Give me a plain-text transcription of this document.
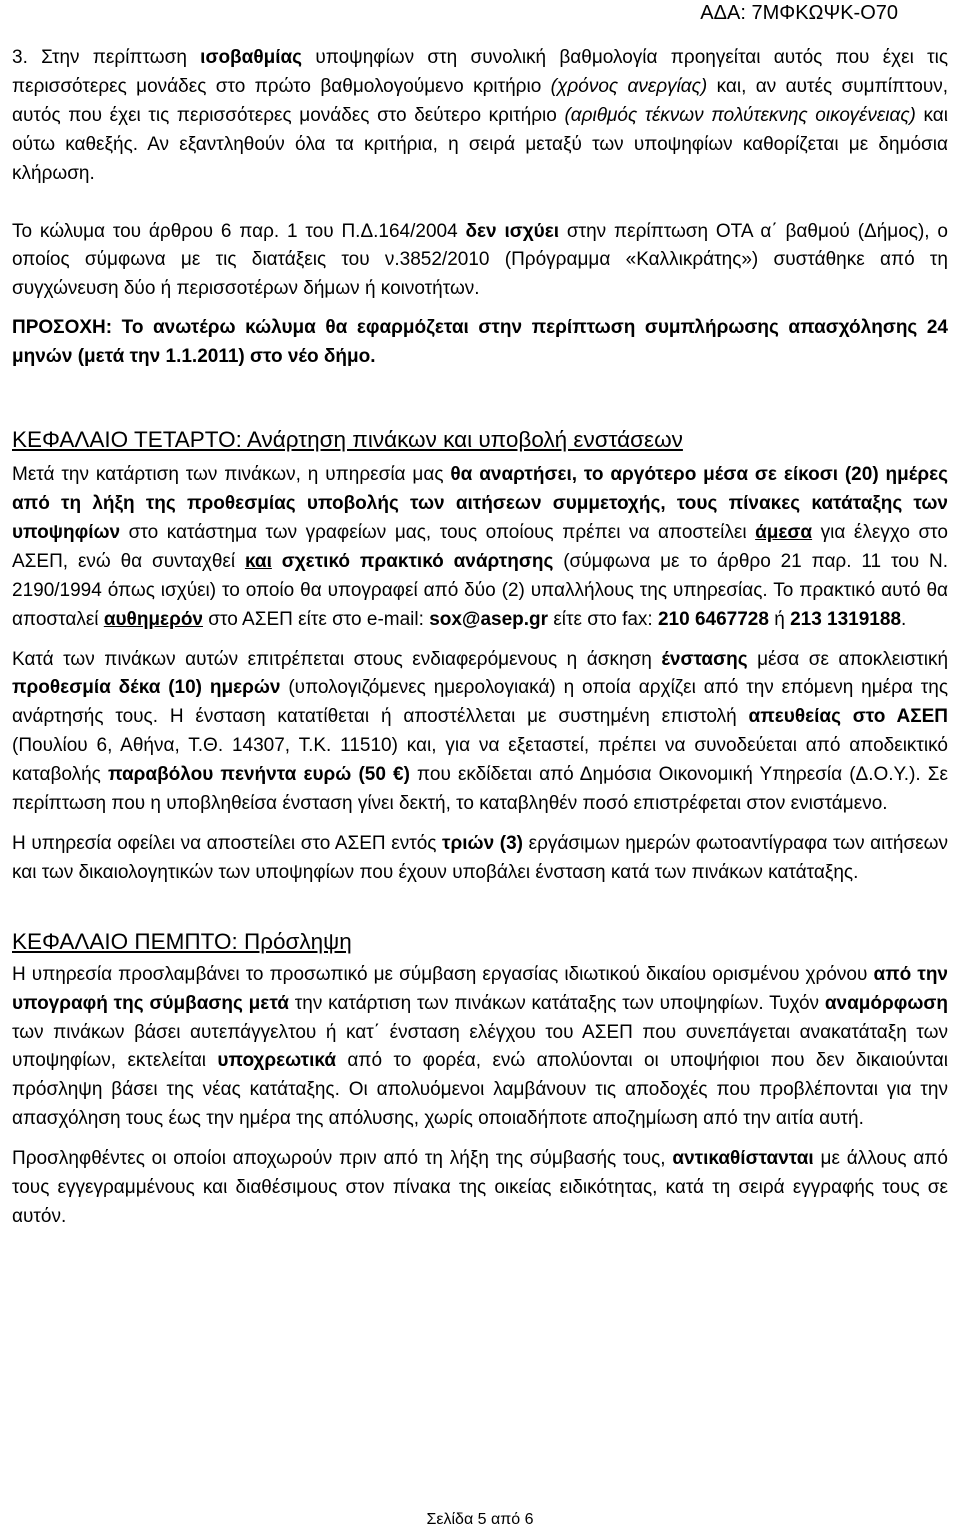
ΑΔΑ: 7ΜΦΚΩΨΚ-Ο70

3. Στην περίπτωση ισοβαθμίας υποψηφίων στη συνολική βαθμολογία προηγείται αυτός που έχει τις περισσότερες μονάδες στο πρώτο βαθμολογούμενο κριτήριο (χρόνος ανεργίας) και, αν αυτές συμπίπτουν, αυτός που έχει τις περισσότερες μονάδες στο δεύτερο κριτήριο (αριθμός τέκνων πολύτεκνης οικογένειας) και ούτω καθεξής. Αν εξαντληθούν όλα τα κριτήρια, η σειρά μεταξύ των υποψηφίων καθορίζεται με δημόσια κλήρωση.

Το κώλυμα του άρθρου 6 παρ. 1 του Π.Δ.164/2004 δεν ισχύει στην περίπτωση ΟΤΑ α΄ βαθμού (Δήμος), ο οποίος σύμφωνα με τις διατάξεις του ν.3852/2010 (Πρόγραμμα «Καλλικράτης») συστάθηκε από τη συγχώνευση δύο ή περισσοτέρων δήμων ή κοινοτήτων.

ΠΡΟΣΟΧΗ: Το ανωτέρω κώλυμα θα εφαρμόζεται στην περίπτωση συμπλήρωσης απασχόλησης 24 μηνών (μετά την 1.1.2011) στο νέο δήμο.

ΚΕΦΑΛΑΙΟ ΤΕΤΑΡΤΟ: Ανάρτηση πινάκων και υποβολή ενστάσεων

Μετά την κατάρτιση των πινάκων, η υπηρεσία μας θα αναρτήσει, το αργότερο μέσα σε είκοσι (20) ημέρες από τη λήξη της προθεσμίας υποβολής των αιτήσεων συμμετοχής, τους πίνακες κατάταξης των υποψηφίων στο κατάστημα των γραφείων μας, τους οποίους πρέπει να αποστείλει άμεσα για έλεγχο στο ΑΣΕΠ, ενώ θα συνταχθεί και σχετικό πρακτικό ανάρτησης (σύμφωνα με το άρθρο 21 παρ. 11 του Ν. 2190/1994 όπως ισχύει) το οποίο θα υπογραφεί από δύο (2) υπαλλήλους της υπηρεσίας. Το πρακτικό αυτό θα αποσταλεί αυθημερόν στο ΑΣΕΠ είτε στο e-mail: sox@asep.gr είτε στο fax: 210 6467728 ή 213 1319188.

Κατά των πινάκων αυτών επιτρέπεται στους ενδιαφερόμενους η άσκηση ένστασης μέσα σε αποκλειστική προθεσμία δέκα (10) ημερών (υπολογιζόμενες ημερολογιακά) η οποία αρχίζει από την επόμενη ημέρα της ανάρτησής τους. Η ένσταση κατατίθεται ή αποστέλλεται με συστημένη επιστολή απευθείας στο ΑΣΕΠ (Πουλίου 6, Αθήνα, Τ.Θ. 14307, Τ.Κ. 11510) και, για να εξεταστεί, πρέπει να συνοδεύεται από αποδεικτικό καταβολής παραβόλου πενήντα ευρώ (50 €) που εκδίδεται από Δημόσια Οικονομική Υπηρεσία (Δ.Ο.Υ.). Σε περίπτωση που η υποβληθείσα ένσταση γίνει δεκτή, το καταβληθέν ποσό επιστρέφεται στον ενιστάμενο.

Η υπηρεσία οφείλει να αποστείλει στο ΑΣΕΠ εντός τριών (3) εργάσιμων ημερών φωτοαντίγραφα των αιτήσεων και των δικαιολογητικών των υποψηφίων που έχουν υποβάλει ένσταση κατά των πινάκων κατάταξης.

ΚΕΦΑΛΑΙΟ ΠΕΜΠΤΟ: Πρόσληψη

Η υπηρεσία προσλαμβάνει το προσωπικό με σύμβαση εργασίας ιδιωτικού δικαίου ορισμένου χρόνου από την υπογραφή της σύμβασης μετά την κατάρτιση των πινάκων κατάταξης των υποψηφίων. Τυχόν αναμόρφωση των πινάκων βάσει αυτεπάγγελτου ή κατ΄ ένσταση ελέγχου του ΑΣΕΠ που συνεπάγεται ανακατάταξη των υποψηφίων, εκτελείται υποχρεωτικά από το φορέα, ενώ απολύονται οι υποψήφιοι που δεν δικαιούνται πρόσληψη βάσει της νέας κατάταξης. Οι απολυόμενοι λαμβάνουν τις αποδοχές που προβλέπονται για την απασχόληση τους έως την ημέρα της απόλυσης, χωρίς οποιαδήποτε αποζημίωση από την αιτία αυτή.

Προσληφθέντες οι οποίοι αποχωρούν πριν από τη λήξη της σύμβασής τους, αντικαθίστανται με άλλους από τους εγγεγραμμένους και διαθέσιμους στον πίνακα της οικείας ειδικότητας, κατά τη σειρά εγγραφής τους σε αυτόν.

Σελίδα 5 από 6
